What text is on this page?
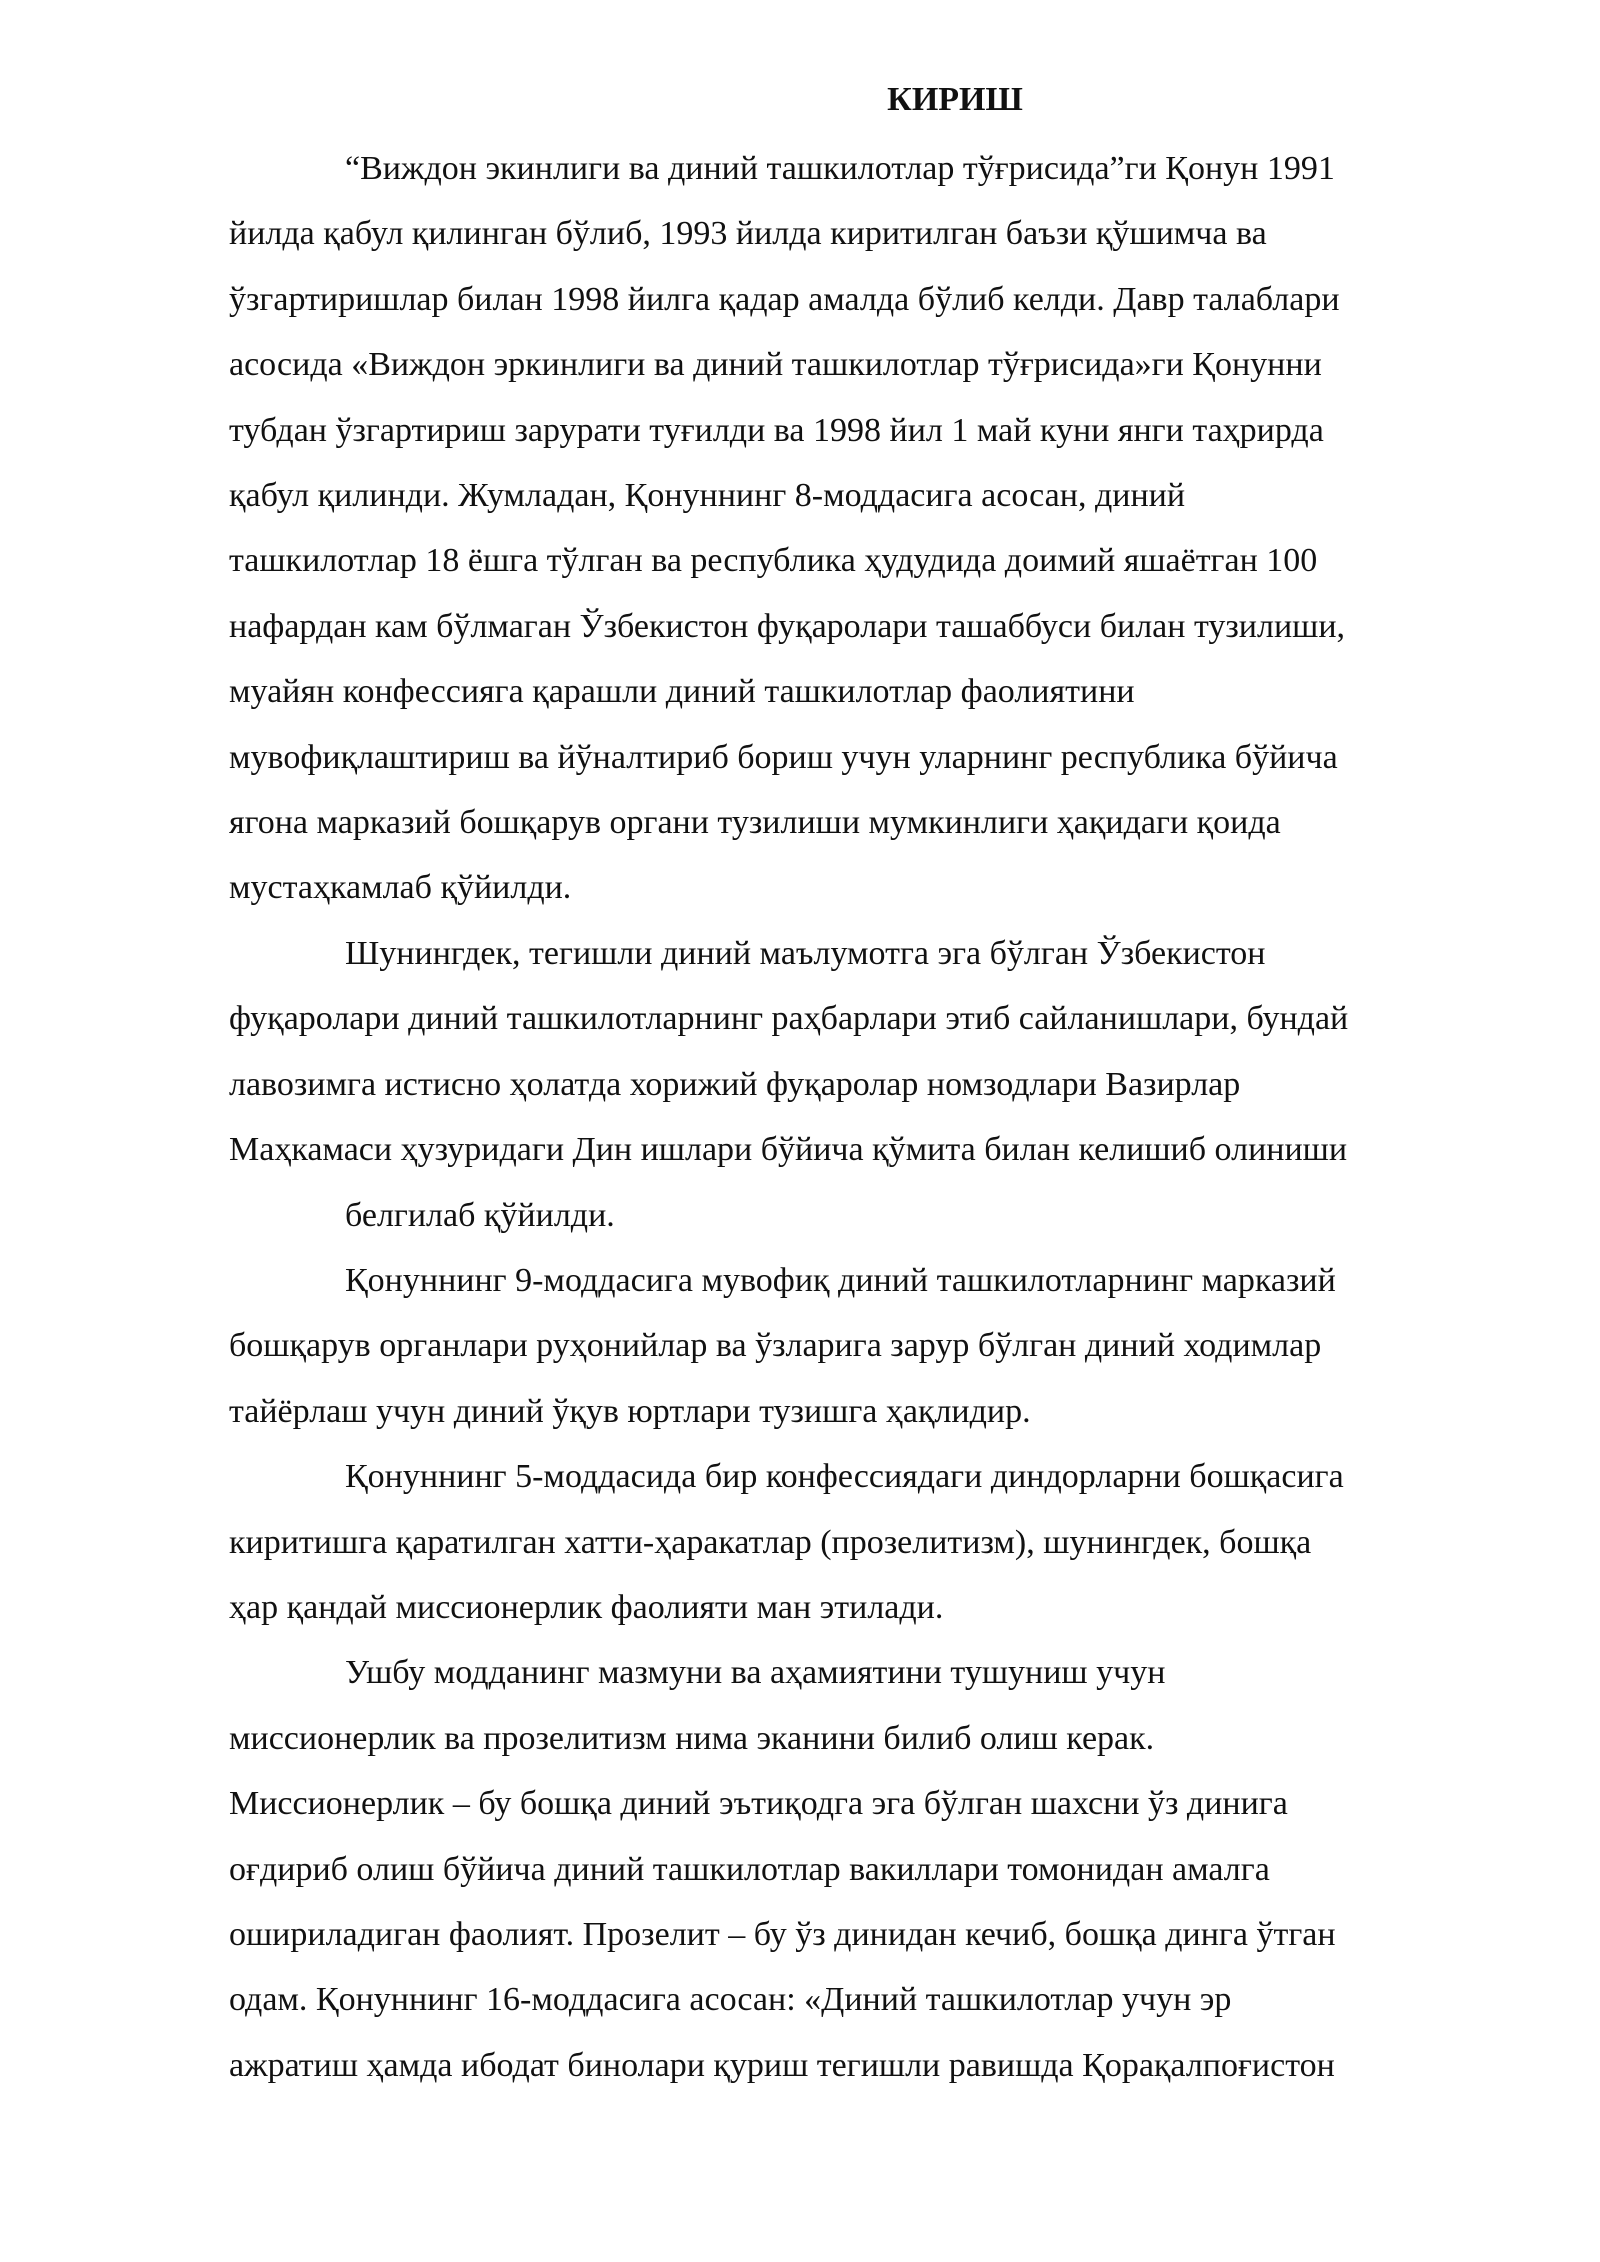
КИРИШ
“Виждон экинлиги ва диний ташкилотлар тўғрисида”ги Қонун 1991
йилда қабул қилинган бўлиб, 1993 йилда киритилган баъзи қўшимча ва
ўзгартиришлар билан 1998 йилга қадар амалда бўлиб келди. Давр талаблари
асосида «Виждон эркинлиги ва диний ташкилотлар тўғрисида»ги Қонунни
тубдан ўзгартириш зарурати туғилди ва 1998 йил 1 май куни янги таҳрирда
қабул қилинди. Жумладан, Қонуннинг 8-моддасига асосан, диний
ташкилотлар 18 ёшга тўлган ва республика ҳудудида доимий яшаётган 100
нафардан кам бўлмаган Ўзбекистон фуқаролари ташаббуси билан тузилиши,
муайян конфессияга қарашли диний ташкилотлар фаолиятини
мувофиқлаштириш ва йўналтириб бориш учун уларнинг республика бўйича
ягона марказий бошқарув органи тузилиши мумкинлиги ҳақидаги қоида
мустаҳкамлаб қўйилди.
Шунингдек, тегишли диний маълумотга эга бўлган Ўзбекистон
фуқаролари диний ташкилотларнинг раҳбарлари этиб сайланишлари, бундай
лавозимга истисно ҳолатда хорижий фуқаролар номзодлари Вазирлар
Маҳкамаси ҳузуридаги Дин ишлари бўйича қўмита билан келишиб олиниши
белгилаб қўйилди.
Қонуннинг 9-моддасига мувофиқ диний ташкилотларнинг марказий
бошқарув органлари руҳонийлар ва ўзларига зарур бўлган диний ходимлар
тайёрлаш учун диний ўқув юртлари тузишга ҳақлидир.
Қонуннинг 5-моддасида бир конфессиядаги диндорларни бошқасига
киритишга қаратилган хатти-ҳаракатлар (прозелитизм), шунингдек, бошқа
ҳар қандай миссионерлик фаолияти ман этилади.
Ушбу модданинг мазмуни ва аҳамиятини тушуниш учун
миссионерлик ва прозелитизм нима эканини билиб олиш керак.
Миссионерлик – бу бошқа диний эътиқодга эга бўлган шахсни ўз динига
оғдириб олиш бўйича диний ташкилотлар вакиллари томонидан амалга
ошириладиган фаолият. Прозелит – бу ўз динидан кечиб, бошқа динга ўтган
одам. Қонуннинг 16-моддасига асосан: «Диний ташкилотлар учун эр
ажратиш ҳамда ибодат бинолари қуриш тегишли равишда Қорақалпоғистон
